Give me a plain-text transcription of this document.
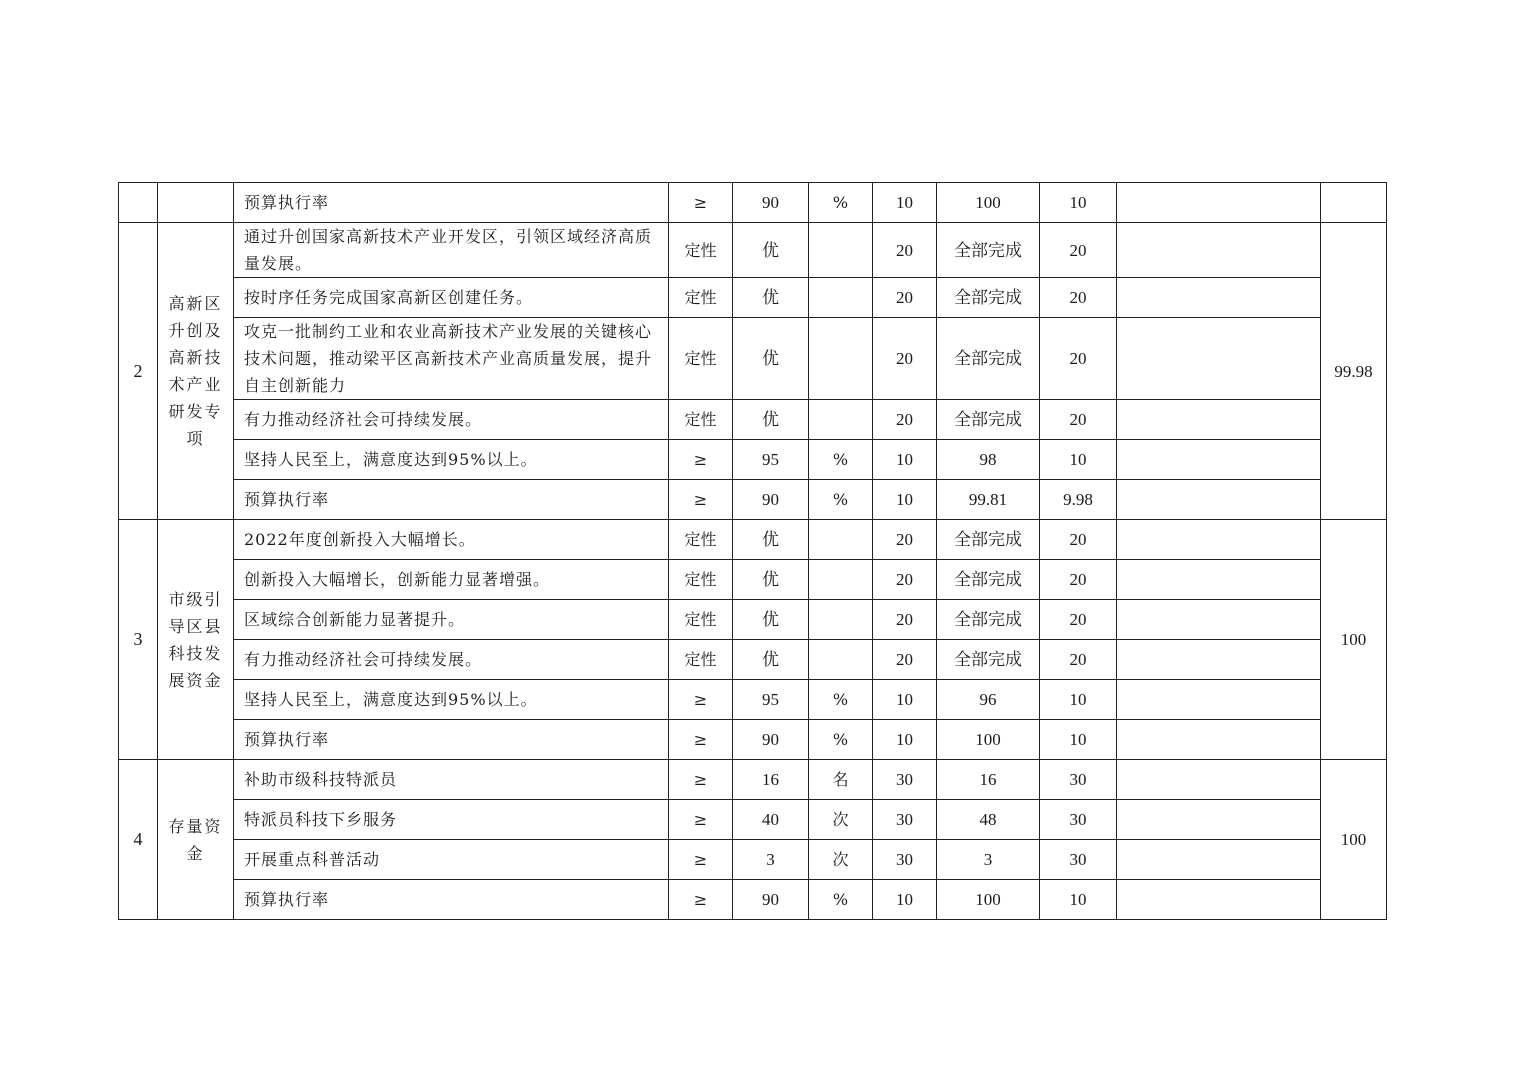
		预算执行率	≥	90	%	10	100	10		
2	高新区升创及高新技术产业研发专项	通过升创国家高新技术产业开发区，引领区域经济高质量发展。	定性	优		20	全部完成	20		99.98
		按时序任务完成国家高新区创建任务。	定性	优		20	全部完成	20		
		攻克一批制约工业和农业高新技术产业发展的关键核心技术问题，推动梁平区高新技术产业高质量发展，提升自主创新能力	定性	优		20	全部完成	20		
		有力推动经济社会可持续发展。	定性	优		20	全部完成	20		
		坚持人民至上，满意度达到95%以上。	≥	95	%	10	98	10		
		预算执行率	≥	90	%	10	99.81	9.98		
3	市级引导区县科技发展资金	2022年度创新投入大幅增长。	定性	优		20	全部完成	20		100
		创新投入大幅增长，创新能力显著增强。	定性	优		20	全部完成	20		
		区域综合创新能力显著提升。	定性	优		20	全部完成	20		
		有力推动经济社会可持续发展。	定性	优		20	全部完成	20		
		坚持人民至上，满意度达到95%以上。	≥	95	%	10	96	10		
		预算执行率	≥	90	%	10	100	10		
4	存量资金	补助市级科技特派员	≥	16	名	30	16	30		100
		特派员科技下乡服务	≥	40	次	30	48	30		
		开展重点科普活动	≥	3	次	30	3	30		
		预算执行率	≥	90	%	10	100	10		
